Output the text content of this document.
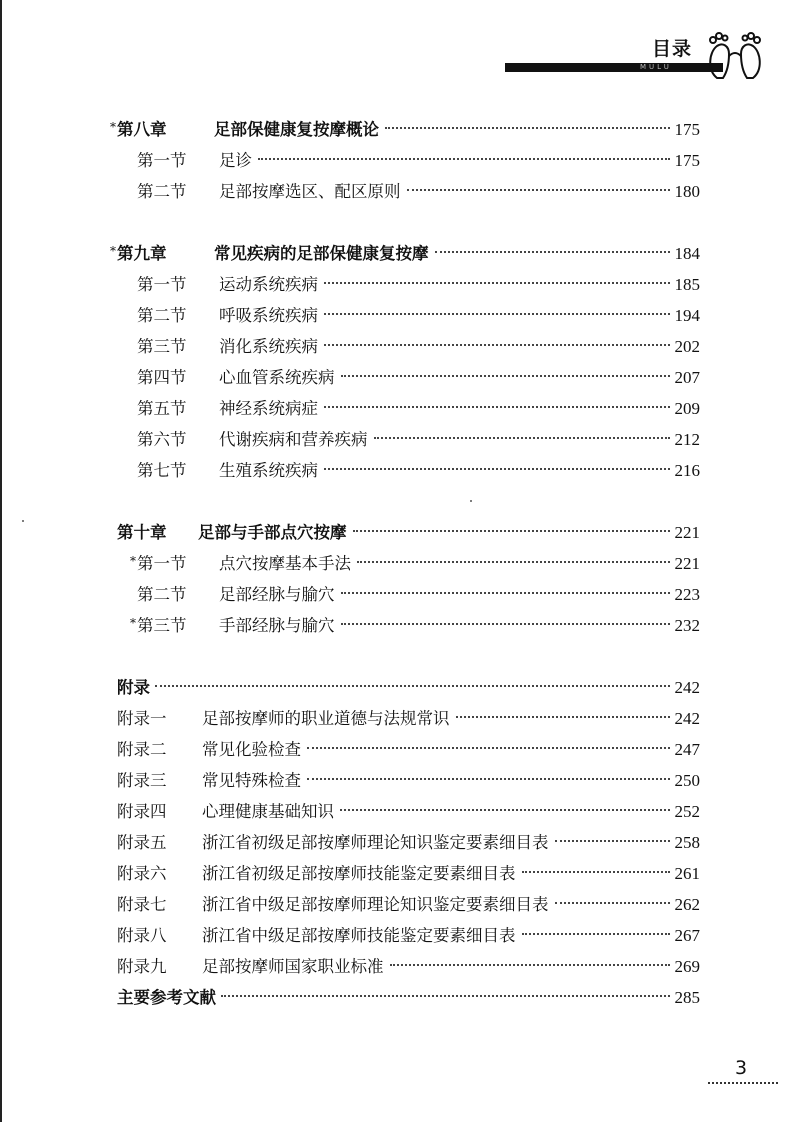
目录
MULU
* 第八章	足部保健康复按摩概论	175
第一节 足诊	175
第二节 足部按摩选区、配区原则	180
* 第九章	常见疾病的足部保健康复按摩	184
第一节 运动系统疾病	185
第二节 呼吸系统疾病	194
第三节 消化系统疾病	202
第四节 心血管系统疾病	207
第五节 神经系统病症	209
第六节 代谢疾病和营养疾病	212
第七节 生殖系统疾病	216
第十章 足部与手部点穴按摩	221
* 第一节 点穴按摩基本手法	221
第二节 足部经脉与腧穴	223
* 第三节 手部经脉与腧穴	232
附录	242
附录一 足部按摩师的职业道德与法规常识	242
附录二 常见化验检查	247
附录三 常见特殊检查	250
附录四 心理健康基础知识	252
附录五 浙江省初级足部按摩师理论知识鉴定要素细目表	258
附录六 浙江省初级足部按摩师技能鉴定要素细目表	261
附录七 浙江省中级足部按摩师理论知识鉴定要素细目表	262
附录八 浙江省中级足部按摩师技能鉴定要素细目表	267
附录九 足部按摩师国家职业标准	269
主要参考文献	285
3
